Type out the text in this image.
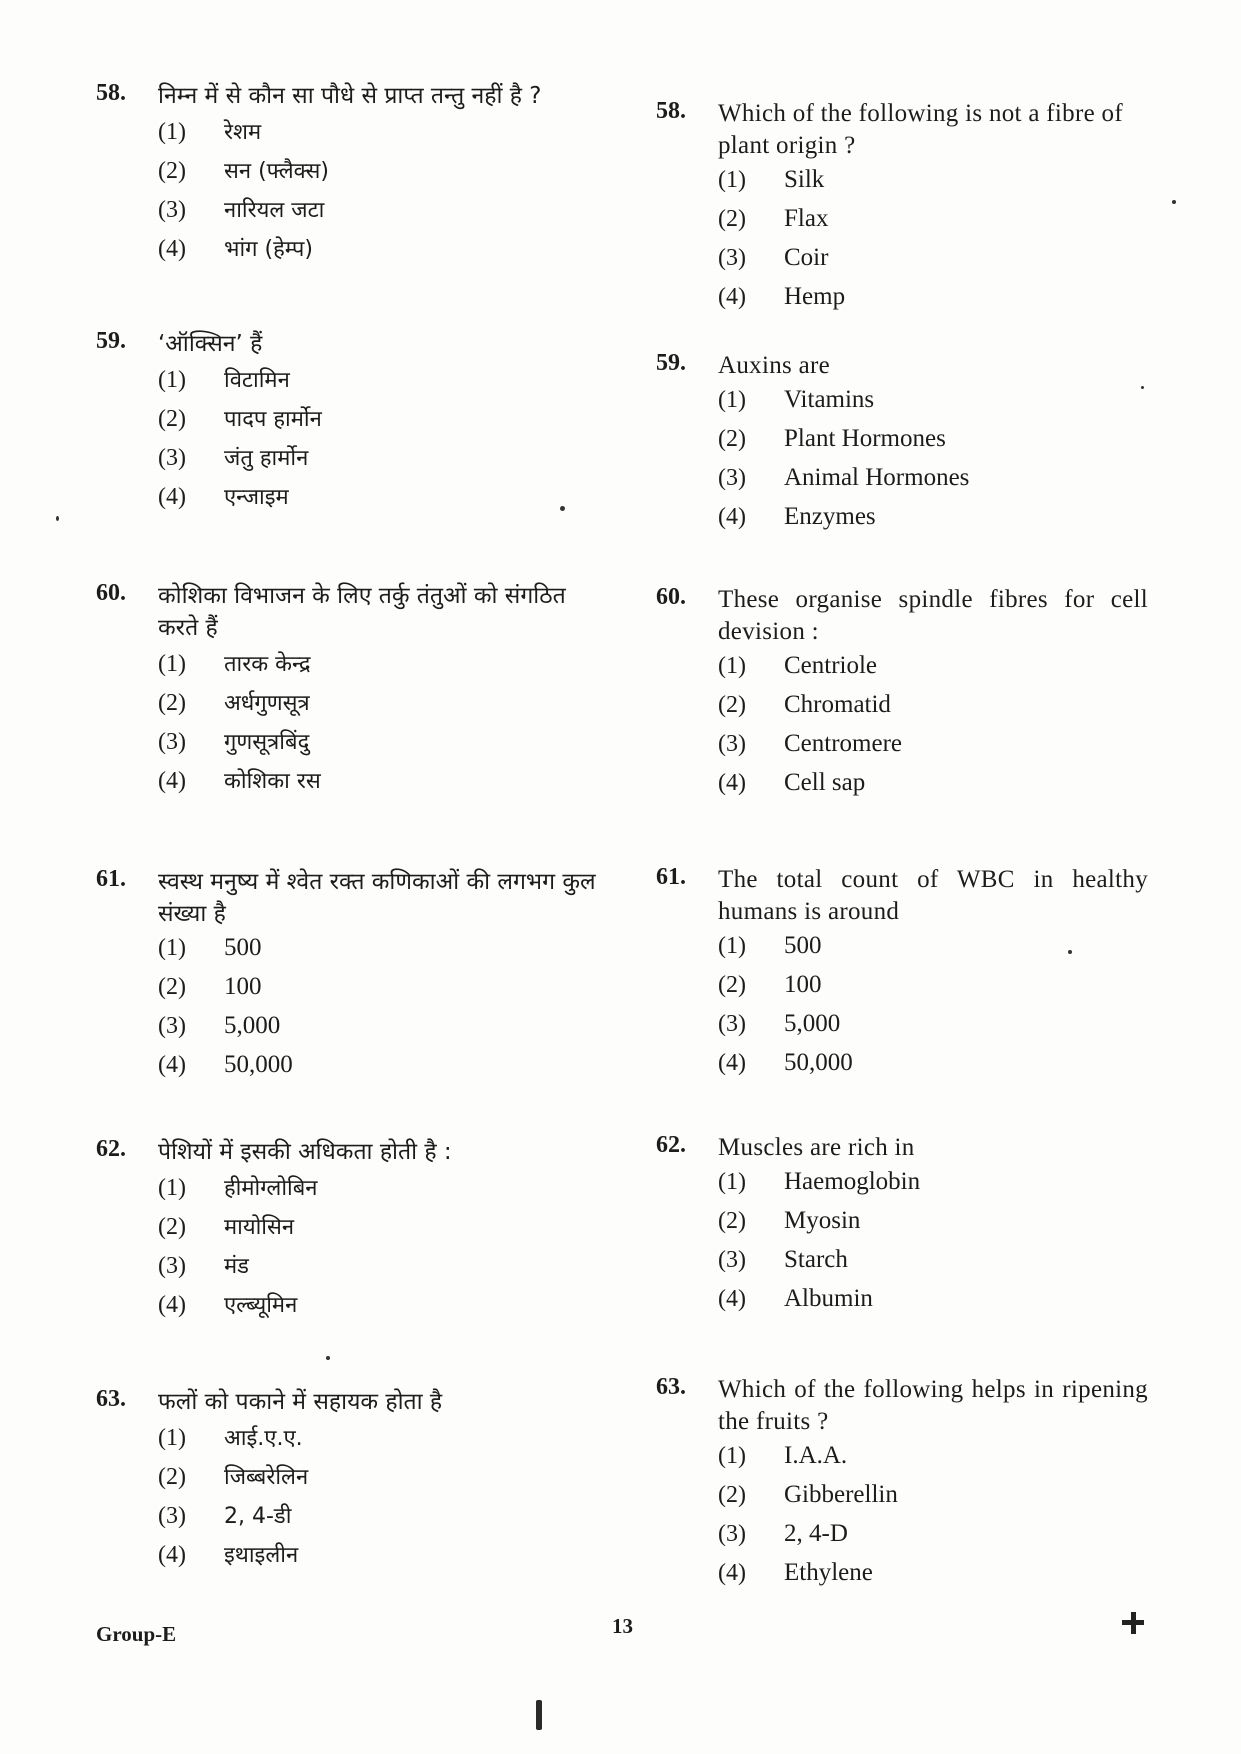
58. निम्न में से कौन सा पौधे से प्राप्त तन्तु नहीं है ?
(1)	रेशम
(2)	सन (फ्लैक्स)
(3)	नारियल जटा
(4)	भांग (हेम्प)
59. ‘ऑक्सिन’ हैं
(1)	विटामिन
(2)	पादप हार्मोन
(3)	जंतु हार्मोन
(4)	एन्जाइम
60. कोशिका विभाजन के लिए तर्कु तंतुओं को संगठित करते हैं
(1)	तारक केन्द्र
(2)	अर्धगुणसूत्र
(3)	गुणसूत्रबिंदु
(4)	कोशिका रस
61. स्वस्थ मनुष्य में श्वेत रक्त कणिकाओं की लगभग कुल संख्या है
(1)	500
(2)	100
(3)	5,000
(4)	50,000
62. पेशियों में इसकी अधिकता होती है :
(1)	हीमोग्लोबिन
(2)	मायोसिन
(3)	मंड
(4)	एल्ब्यूमिन
63. फलों को पकाने में सहायक होता है
(1)	आई.ए.ए.
(2)	जिब्बरेलिन
(3)	2, 4-डी
(4)	इथाइलीन
58. Which of the following is not a fibre of plant origin ?
(1)	Silk
(2)	Flax
(3)	Coir
(4)	Hemp
59. Auxins are
(1)	Vitamins
(2)	Plant Hormones
(3)	Animal Hormones
(4)	Enzymes
60. These organise spindle fibres for cell devision :
(1)	Centriole
(2)	Chromatid
(3)	Centromere
(4)	Cell sap
61. The total count of WBC in healthy humans is around
(1)	500
(2)	100
(3)	5,000
(4)	50,000
62. Muscles are rich in
(1)	Haemoglobin
(2)	Myosin
(3)	Starch
(4)	Albumin
63. Which of the following helps in ripening the fruits ?
(1)	I.A.A.
(2)	Gibberellin
(3)	2, 4-D
(4)	Ethylene
Group-E	13
